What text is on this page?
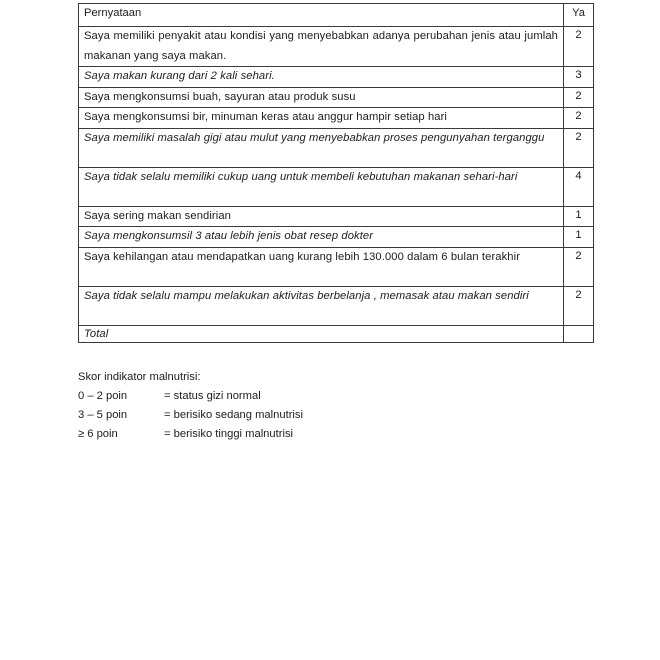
Pernyataan	Ya
Saya memiliki penyakit atau kondisi yang menyebabkan adanya perubahan jenis atau jumlah makanan yang saya makan.	2
Saya makan kurang dari 2 kali sehari.	3
Saya mengkonsumsi buah, sayuran atau produk susu	2
Saya mengkonsumsi bir, minuman keras atau anggur hampir setiap hari	2
Saya memiliki masalah gigi atau mulut yang menyebabkan proses pengunyahan terganggu	2
Saya tidak selalu memiliki cukup uang untuk membeli kebutuhan makanan sehari-hari	4
Saya sering makan sendirian	1
Saya mengkonsumsil 3 atau lebih jenis obat resep dokter	1
Saya kehilangan atau mendapatkan uang kurang lebih 130.000 dalam 6 bulan terakhir	2
Saya tidak selalu mampu melakukan aktivitas berbelanja , memasak atau makan sendiri	2
Total	
Skor indikator malnutrisi:
0 – 2 poin	= status gizi normal
3 – 5 poin	= berisiko sedang malnutrisi
≥ 6 poin	= berisiko tinggi malnutrisi
